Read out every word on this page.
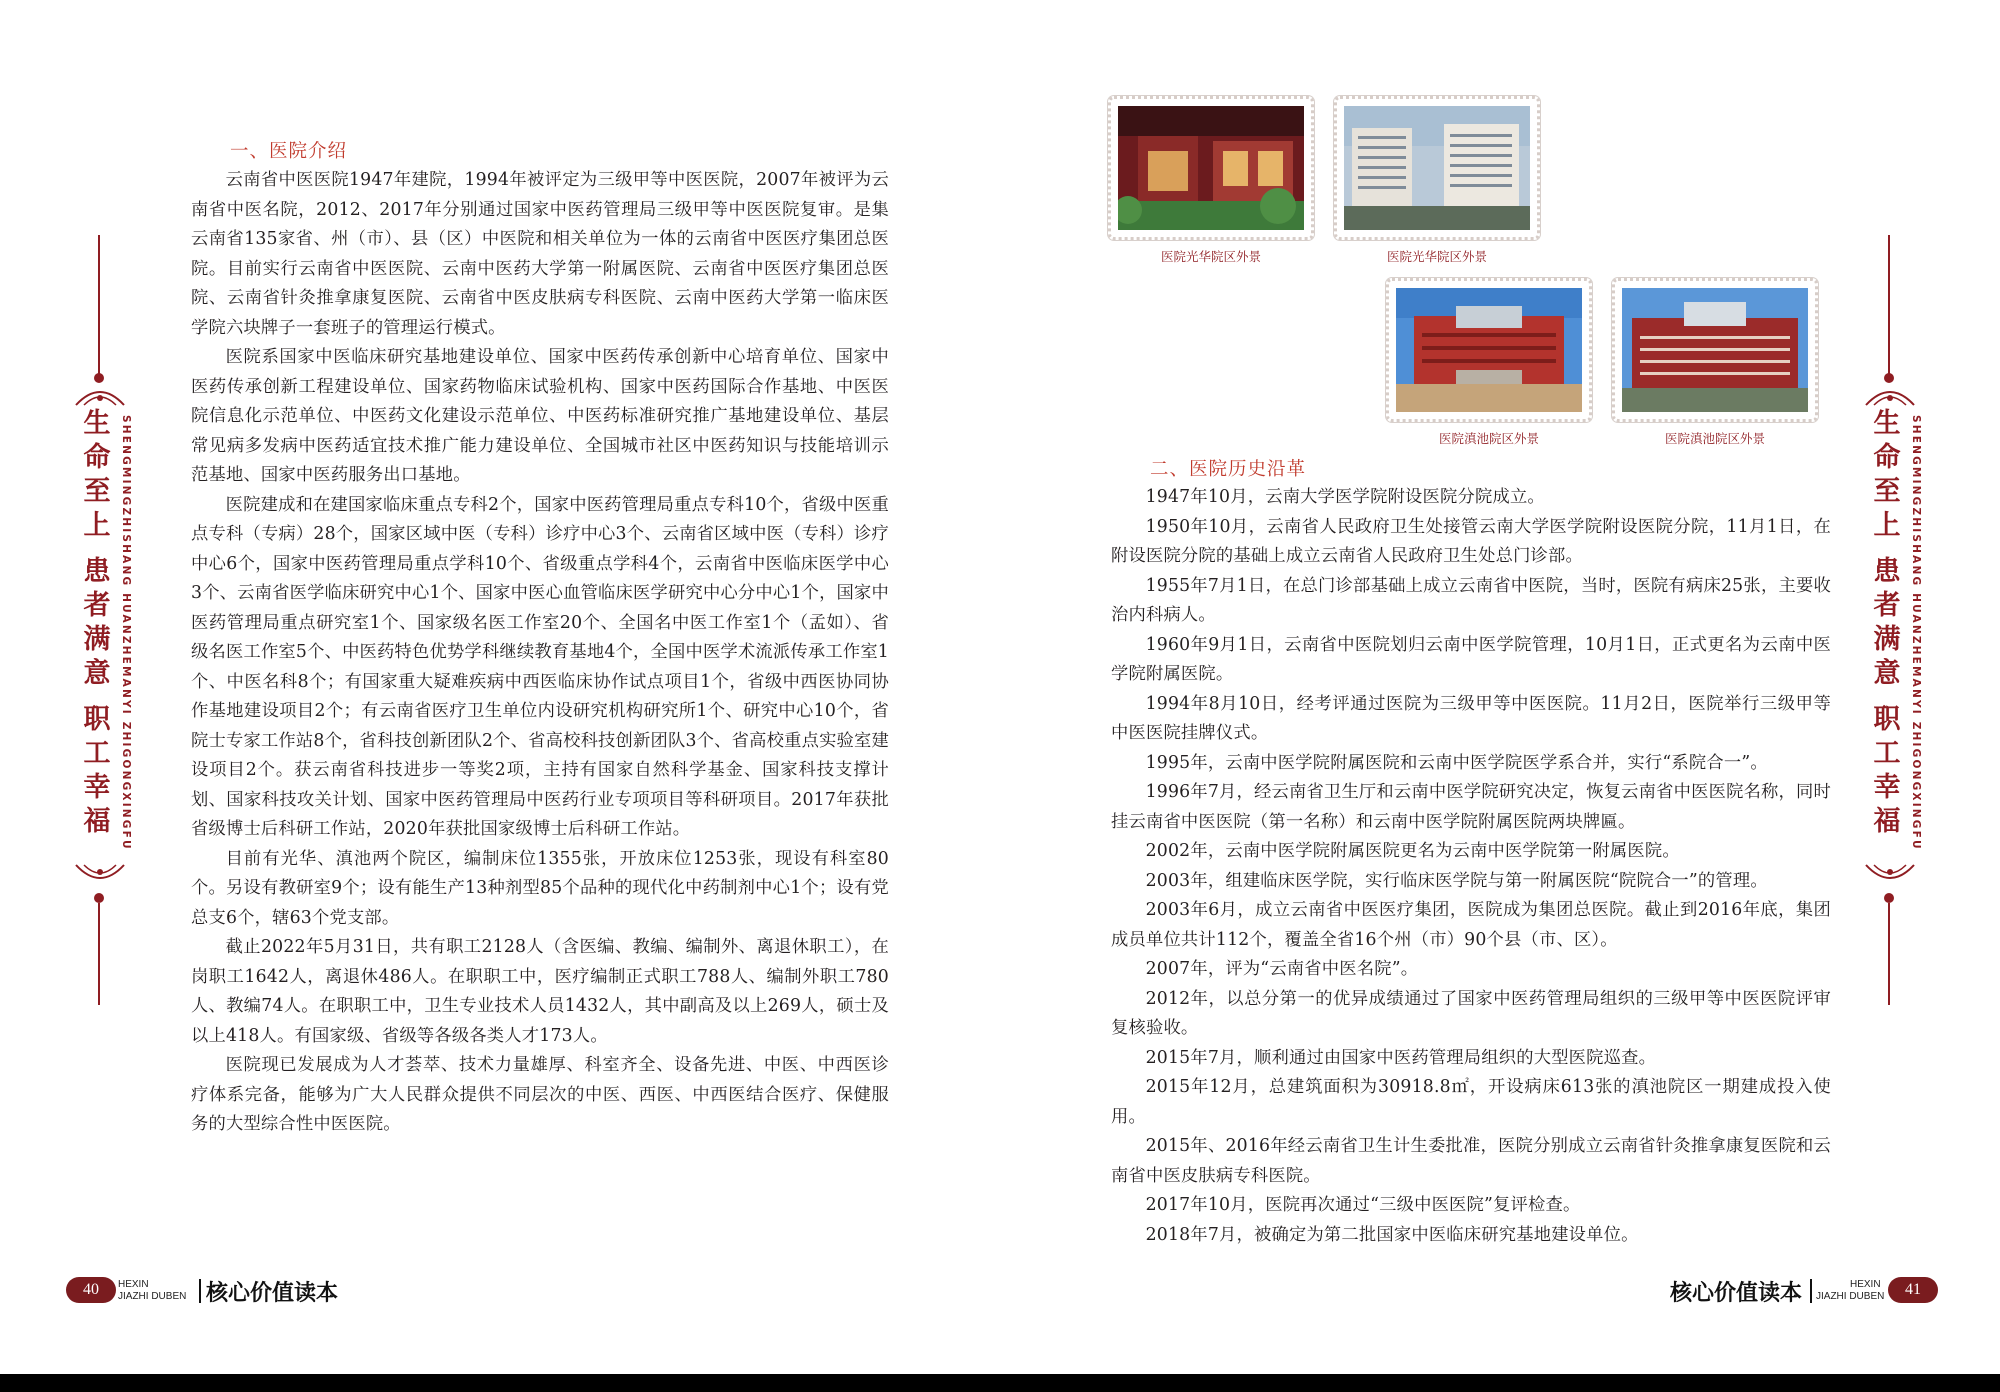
生
命
至
上
患
者
满
意
职
工
幸
福 SHENGMINGZHISHANG HUANZHEMANYI ZHIGONGXINGFU	生
命
至
上
患
者
满
意
职
工
幸
福 SHENGMINGZHISHANG HUANZHEMANYI ZHIGONGXINGFU
一、医院介绍

云南省中医医院1947年建院，1994年被评定为三级甲等中医医院，2007年被评为云南省中医名院，2012、2017年分别通过国家中医药管理局三级甲等中医医院复审。是集云南省135家省、州（市）、县（区）中医院和相关单位为一体的云南省中医医疗集团总医院。目前实行云南省中医医院、云南中医药大学第一附属医院、云南省中医医疗集团总医院、云南省针灸推拿康复医院、云南省中医皮肤病专科医院、云南中医药大学第一临床医学院六块牌子一套班子的管理运行模式。

医院系国家中医临床研究基地建设单位、国家中医药传承创新中心培育单位、国家中医药传承创新工程建设单位、国家药物临床试验机构、国家中医药国际合作基地、中医医院信息化示范单位、中医药文化建设示范单位、中医药标准研究推广基地建设单位、基层常见病多发病中医药适宜技术推广能力建设单位、全国城市社区中医药知识与技能培训示范基地、国家中医药服务出口基地。

医院建成和在建国家临床重点专科2个，国家中医药管理局重点专科10个，省级中医重点专科（专病）28个，国家区域中医（专科）诊疗中心3个、云南省区域中医（专科）诊疗中心6个，国家中医药管理局重点学科10个、省级重点学科4个，云南省中医临床医学中心3个、云南省医学临床研究中心1个、国家中医心血管临床医学研究中心分中心1个，国家中医药管理局重点研究室1个、国家级名医工作室20个、全国名中医工作室1个（孟如）、省级名医工作室5个、中医药特色优势学科继续教育基地4个，全国中医学术流派传承工作室1个、中医名科8个；有国家重大疑难疾病中西医临床协作试点项目1个，省级中西医协同协作基地建设项目2个；有云南省医疗卫生单位内设研究机构研究所1个、研究中心10个，省院士专家工作站8个，省科技创新团队2个、省高校科技创新团队3个、省高校重点实验室建设项目2个。获云南省科技进步一等奖2项，主持有国家自然科学基金、国家科技支撑计划、国家科技攻关计划、国家中医药管理局中医药行业专项项目等科研项目。2017年获批省级博士后科研工作站，2020年获批国家级博士后科研工作站。

目前有光华、滇池两个院区，编制床位1355张，开放床位1253张，现设有科室80个。另设有教研室9个；设有能生产13种剂型85个品种的现代化中药制剂中心1个；设有党总支6个，辖63个党支部。

截止2022年5月31日，共有职工2128人（含医编、教编、编制外、离退休职工），在岗职工1642人，离退休486人。在职职工中，医疗编制正式职工788人、编制外职工780人、教编74人。在职职工中，卫生专业技术人员1432人，其中副高及以上269人，硕士及以上418人。有国家级、省级等各级各类人才173人。

医院现已发展成为人才荟萃、技术力量雄厚、科室齐全、设备先进、中医、中西医诊疗体系完备，能够为广大人民群众提供不同层次的中医、西医、中西医结合医疗、保健服务的大型综合性中医医院。

医院光华院区外景	医院光华院区外景
医院滇池院区外景	医院滇池院区外景
二、医院历史沿革

1947年10月，云南大学医学院附设医院分院成立。

1950年10月，云南省人民政府卫生处接管云南大学医学院附设医院分院，11月1日，在附设医院分院的基础上成立云南省人民政府卫生处总门诊部。

1955年7月1日，在总门诊部基础上成立云南省中医院，当时，医院有病床25张，主要收治内科病人。

1960年9月1日，云南省中医院划归云南中医学院管理，10月1日，正式更名为云南中医学院附属医院。

1994年8月10日，经考评通过医院为三级甲等中医医院。11月2日，医院举行三级甲等中医医院挂牌仪式。

1995年，云南中医学院附属医院和云南中医学院医学系合并，实行“系院合一”。

1996年7月，经云南省卫生厅和云南中医学院研究决定，恢复云南省中医医院名称，同时挂云南省中医医院（第一名称）和云南中医学院附属医院两块牌匾。

2002年，云南中医学院附属医院更名为云南中医学院第一附属医院。

2003年，组建临床医学院，实行临床医学院与第一附属医院“院院合一”的管理。

2003年6月，成立云南省中医医疗集团，医院成为集团总医院。截止到2016年底，集团成员单位共计112个，覆盖全省16个州（市）90个县（市、区）。

2007年，评为“云南省中医名院”。

2012年，以总分第一的优异成绩通过了国家中医药管理局组织的三级甲等中医医院评审复核验收。

2015年7月，顺利通过由国家中医药管理局组织的大型医院巡查。

2015年12月，总建筑面积为30918.8㎡，开设病床613张的滇池院区一期建成投入使用。

2015年、2016年经云南省卫生计生委批准，医院分别成立云南省针灸推拿康复医院和云南省中医皮肤病专科医院。

2017年10月，医院再次通过“三级中医医院”复评检查。

2018年7月，被确定为第二批国家中医临床研究基地建设单位。

40	HEXIN
JIAZHI DUBEN 核心价值读本	核心价值读本	HEXIN
JIAZHI DUBEN	41
